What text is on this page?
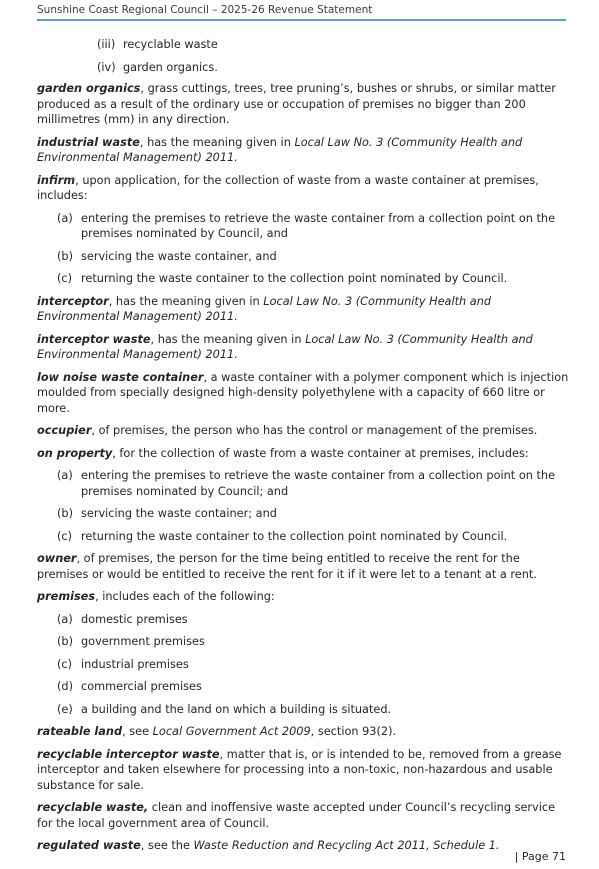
Sunshine Coast Regional Council – 2025-26 Revenue Statement
(iii) recyclable waste
(iv) garden organics.

garden organics, grass cuttings, trees, tree pruning’s, bushes or shrubs, or similar matter produced as a result of the ordinary use or occupation of premises no bigger than 200 millimetres (mm) in any direction.

industrial waste, has the meaning given in Local Law No. 3 (Community Health and Environmental Management) 2011.

infirm, upon application, for the collection of waste from a waste container at premises, includes:

(a) entering the premises to retrieve the waste container from a collection point on the premises nominated by Council, and
(b) servicing the waste container, and
(c) returning the waste container to the collection point nominated by Council.

interceptor, has the meaning given in Local Law No. 3 (Community Health and Environmental Management) 2011.

interceptor waste, has the meaning given in Local Law No. 3 (Community Health and Environmental Management) 2011.

low noise waste container, a waste container with a polymer component which is injection moulded from specially designed high-density polyethylene with a capacity of 660 litre or more.

occupier, of premises, the person who has the control or management of the premises.

on property, for the collection of waste from a waste container at premises, includes:

(a) entering the premises to retrieve the waste container from a collection point on the premises nominated by Council; and
(b) servicing the waste container; and
(c) returning the waste container to the collection point nominated by Council.

owner, of premises, the person for the time being entitled to receive the rent for the premises or would be entitled to receive the rent for it if it were let to a tenant at a rent.

premises, includes each of the following:

(a) domestic premises
(b) government premises
(c) industrial premises
(d) commercial premises
(e) a building and the land on which a building is situated.

rateable land, see Local Government Act 2009, section 93(2).

recyclable interceptor waste, matter that is, or is intended to be, removed from a grease interceptor and taken elsewhere for processing into a non-toxic, non-hazardous and usable substance for sale.

recyclable waste, clean and inoffensive waste accepted under Council’s recycling service for the local government area of Council.

regulated waste, see the Waste Reduction and Recycling Act 2011, Schedule 1.

| Page 71
